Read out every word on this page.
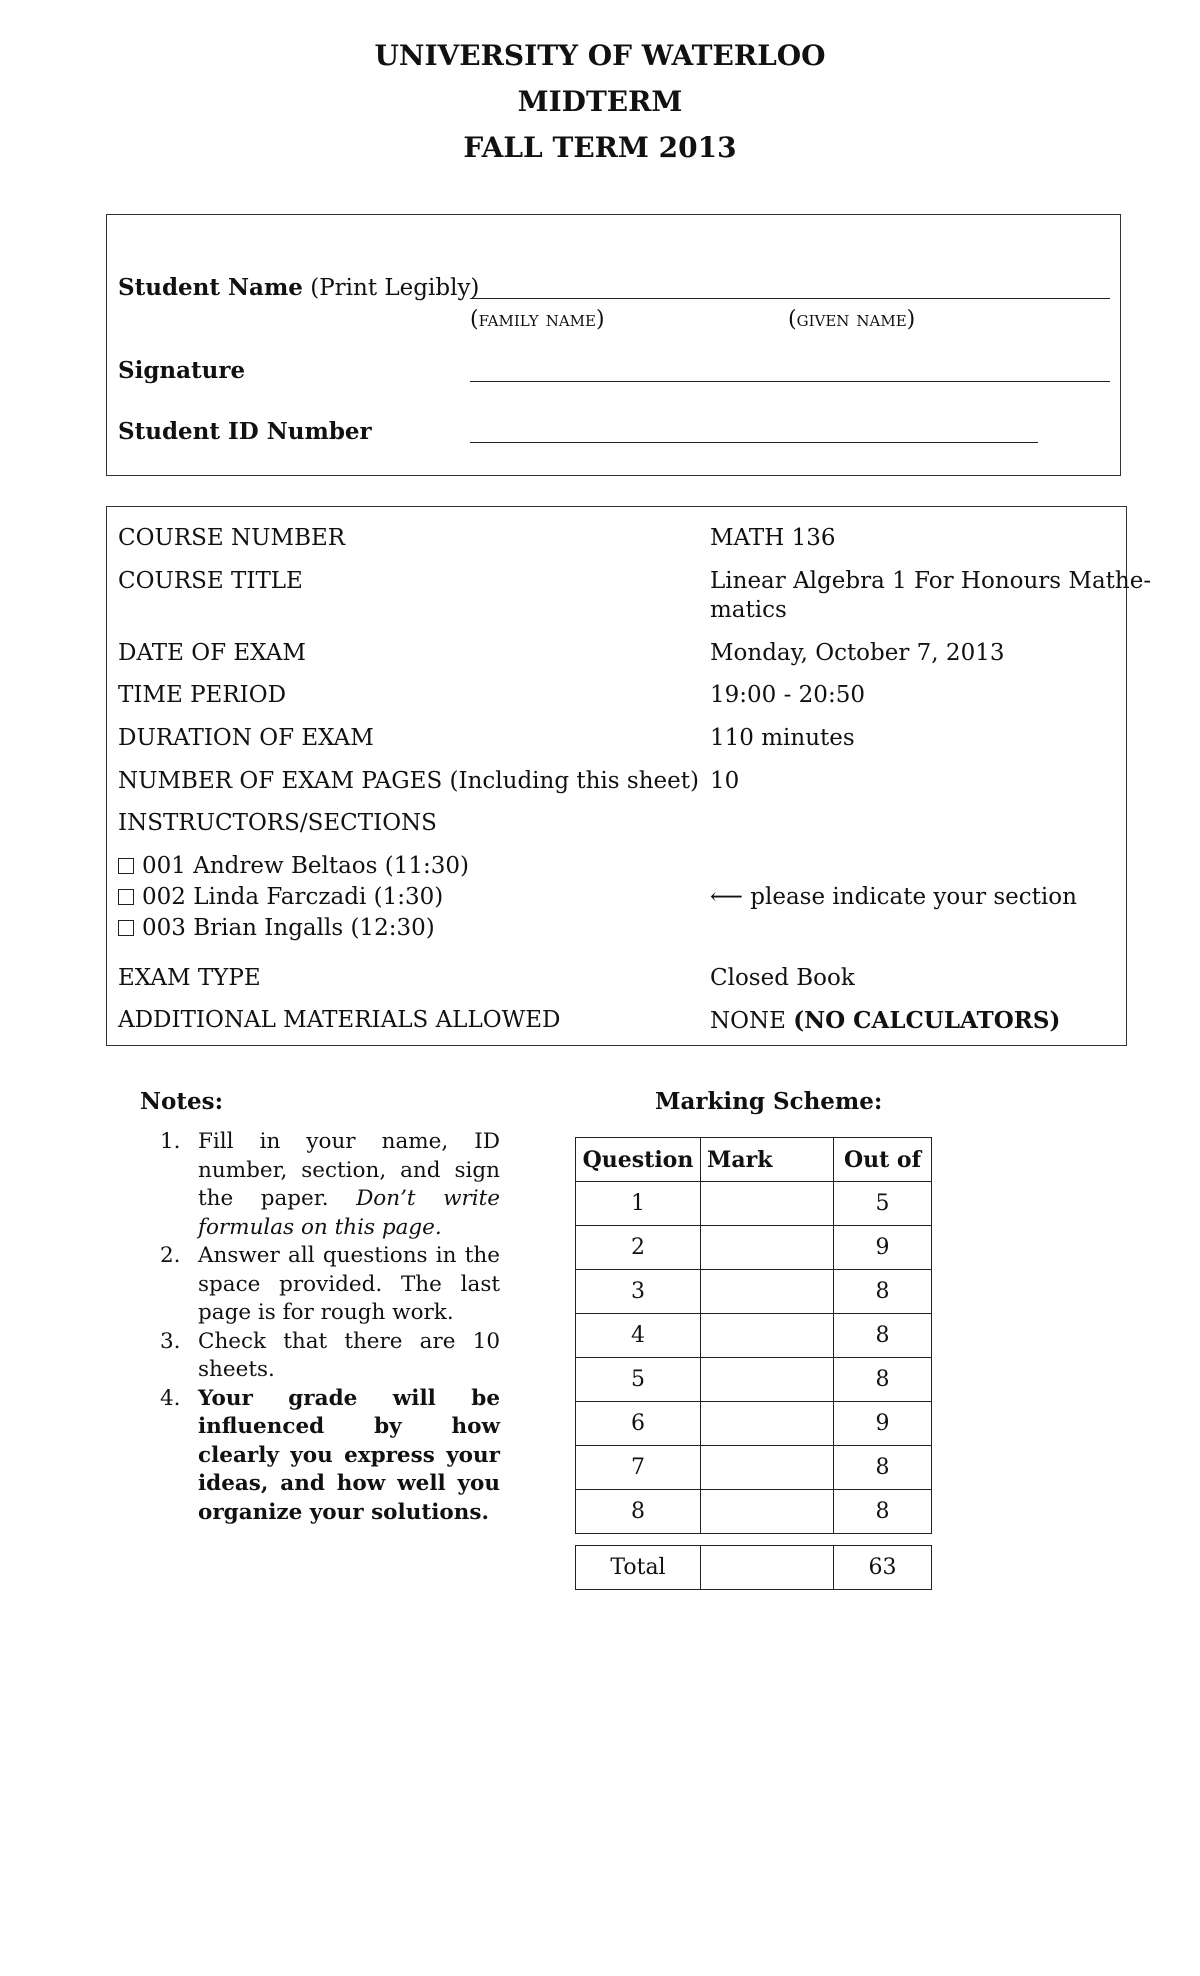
UNIVERSITY OF WATERLOO
MIDTERM
FALL TERM 2013
Student Name (Print Legibly)
(family name)	(given name)
Signature
Student ID Number
COURSE NUMBER	MATH 136
COURSE TITLE	Linear Algebra 1 For Honours Mathe-
matics
DATE OF EXAM	Monday, October 7, 2013
TIME PERIOD	19:00 - 20:50
DURATION OF EXAM	110 minutes
NUMBER OF EXAM PAGES (Including this sheet) 10
INSTRUCTORS/SECTIONS
001 Andrew Beltaos (11:30)
002 Linda Farczadi (1:30)
003 Brian Ingalls (12:30)
⟵ please indicate your section
EXAM TYPE	Closed Book
ADDITIONAL MATERIALS ALLOWED	NONE (NO CALCULATORS)
Notes:
1. Fill in your name, ID number, section, and sign the paper. Don’t write formulas on this page.
2. Answer all questions in the space provided. The last page is for rough work.
3. Check that there are 10 sheets.
4. Your grade will be influenced by how clearly you express your ideas, and how well you organize your solutions.
Marking Scheme:
Question	Mark	Out of
1		5
2		9
3		8
4		8
5		8
6		9
7		8
8		8
Total		63
